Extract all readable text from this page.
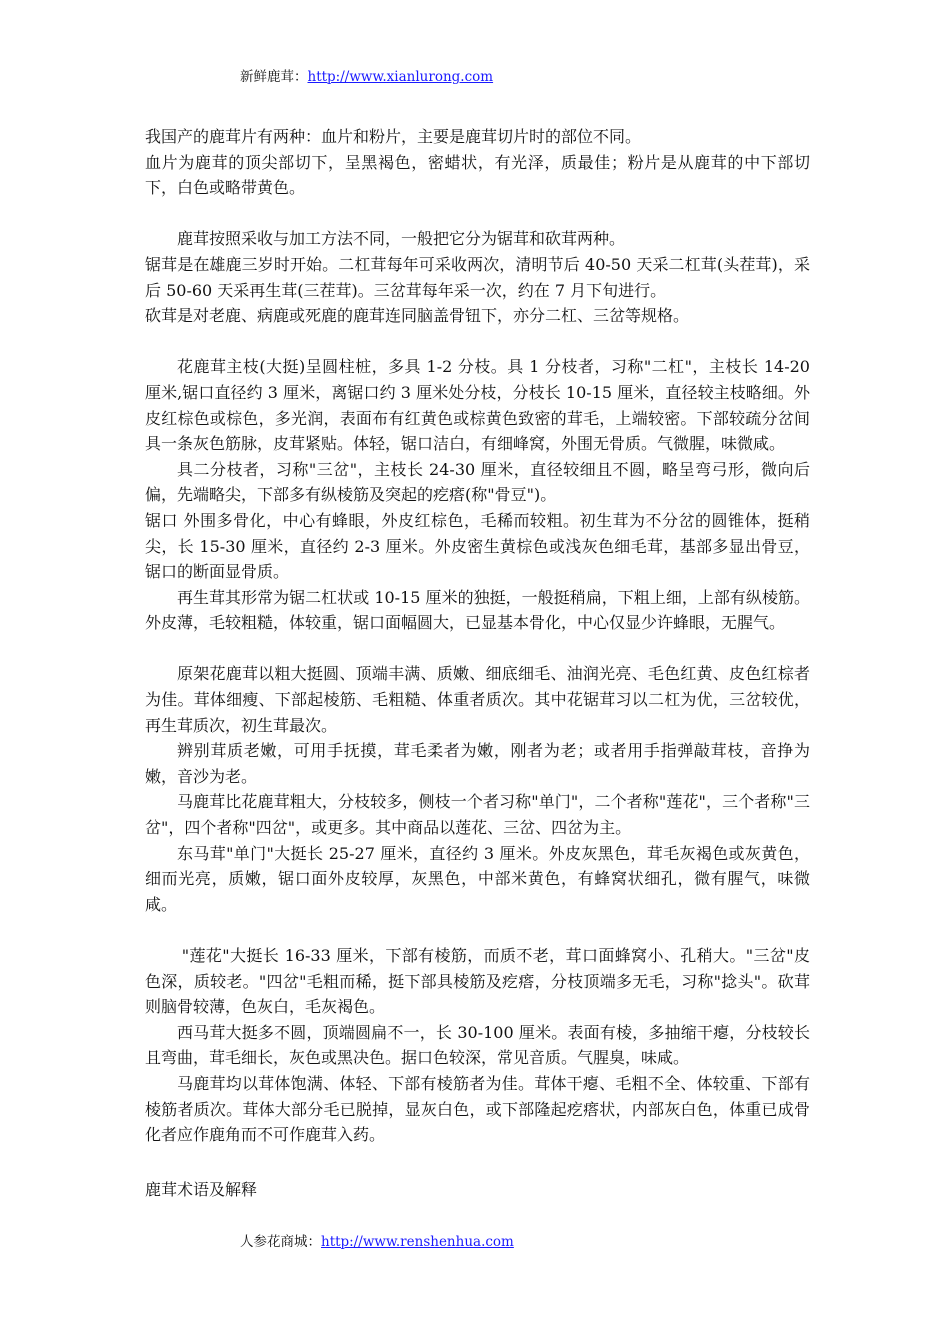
新鲜鹿茸：http://www.xianlurong.com

我国产的鹿茸片有两种：血片和粉片，主要是鹿茸切片时的部位不同。

血片为鹿茸的顶尖部切下，呈黑褐色，密蜡状，有光泽，质最佳；粉片是从鹿茸的中下部切下，白色或略带黄色。

鹿茸按照采收与加工方法不同，一般把它分为锯茸和砍茸两种。

锯茸是在雄鹿三岁时开始。二杠茸每年可采收两次，清明节后 40-50 天采二杠茸(头茬茸)，采后 50-60 天采再生茸(三茬茸)。三岔茸每年采一次，约在 7 月下旬进行。

砍茸是对老鹿、病鹿或死鹿的鹿茸连同脑盖骨钮下，亦分二杠、三岔等规格。

花鹿茸主枝(大挺)呈圆柱桩，多具 1-2 分枝。具 1 分枝者，习称"二杠"，主枝长 14-20 厘米,锯口直径约 3 厘米，离锯口约 3 厘米处分枝，分枝长 10-15 厘米，直径较主枝略细。外皮红棕色或棕色，多光润，表面布有红黄色或棕黄色致密的茸毛，上端较密。下部较疏分岔间具一条灰色筋脉，皮茸紧贴。体轻，锯口洁白，有细峰窝，外围无骨质。气微腥，味微咸。

具二分枝者，习称"三岔"，主枝长 24-30 厘米，直径较细且不圆，略呈弯弓形，微向后偏，先端略尖，下部多有纵棱筋及突起的疙瘩(称"骨豆")。

锯口 外围多骨化，中心有蜂眼，外皮红棕色，毛稀而较粗。初生茸为不分岔的圆锥体，挺稍尖，长 15-30 厘米，直径约 2-3 厘米。外皮密生黄棕色或浅灰色细毛茸，基部多显出骨豆，锯口的断面显骨质。

再生茸其形常为锯二杠状或 10-15 厘米的独挺，一般挺稍扁，下粗上细，上部有纵棱筋。外皮薄，毛较粗糙，体较重，锯口面幅圆大，已显基本骨化，中心仅显少许蜂眼，无腥气。

原架花鹿茸以粗大挺圆、顶端丰满、质嫩、细底细毛、油润光亮、毛色红黄、皮色红棕者为佳。茸体细瘦、下部起棱筋、毛粗糙、体重者质次。其中花锯茸习以二杠为优，三岔较优，再生茸质次，初生茸最次。

辨别茸质老嫩，可用手抚摸，茸毛柔者为嫩，刚者为老；或者用手指弹敲茸枝，音挣为嫩，音沙为老。

马鹿茸比花鹿茸粗大，分枝较多，侧枝一个者习称"单门"，二个者称"莲花"，三个者称"三岔"，四个者称"四岔"，或更多。其中商品以莲花、三岔、四岔为主。

东马茸"单门"大挺长 25-27 厘米，直径约 3 厘米。外皮灰黑色，茸毛灰褐色或灰黄色，细而光亮，质嫩，锯口面外皮较厚，灰黑色，中部米黄色，有蜂窝状细孔，微有腥气，味微咸。

"莲花"大挺长 16-33 厘米，下部有棱筋，而质不老，茸口面蜂窝小、孔稍大。"三岔"皮色深，质较老。"四岔"毛粗而稀，挺下部具棱筋及疙瘩，分枝顶端多无毛，习称"捻头"。砍茸则脑骨较薄，色灰白，毛灰褐色。

西马茸大挺多不圆，顶端圆扁不一，长 30-100 厘米。表面有棱，多抽缩干瘪，分枝较长且弯曲，茸毛细长，灰色或黑决色。据口色较深，常见音质。气腥臭，味咸。

马鹿茸均以茸体饱满、体轻、下部有棱筋者为佳。茸体干瘪、毛粗不全、体较重、下部有棱筋者质次。茸体大部分毛已脱掉，显灰白色，或下部隆起疙瘩状，内部灰白色，体重已成骨化者应作鹿角而不可作鹿茸入药。

鹿茸术语及解释

人参花商城：http://www.renshenhua.com
